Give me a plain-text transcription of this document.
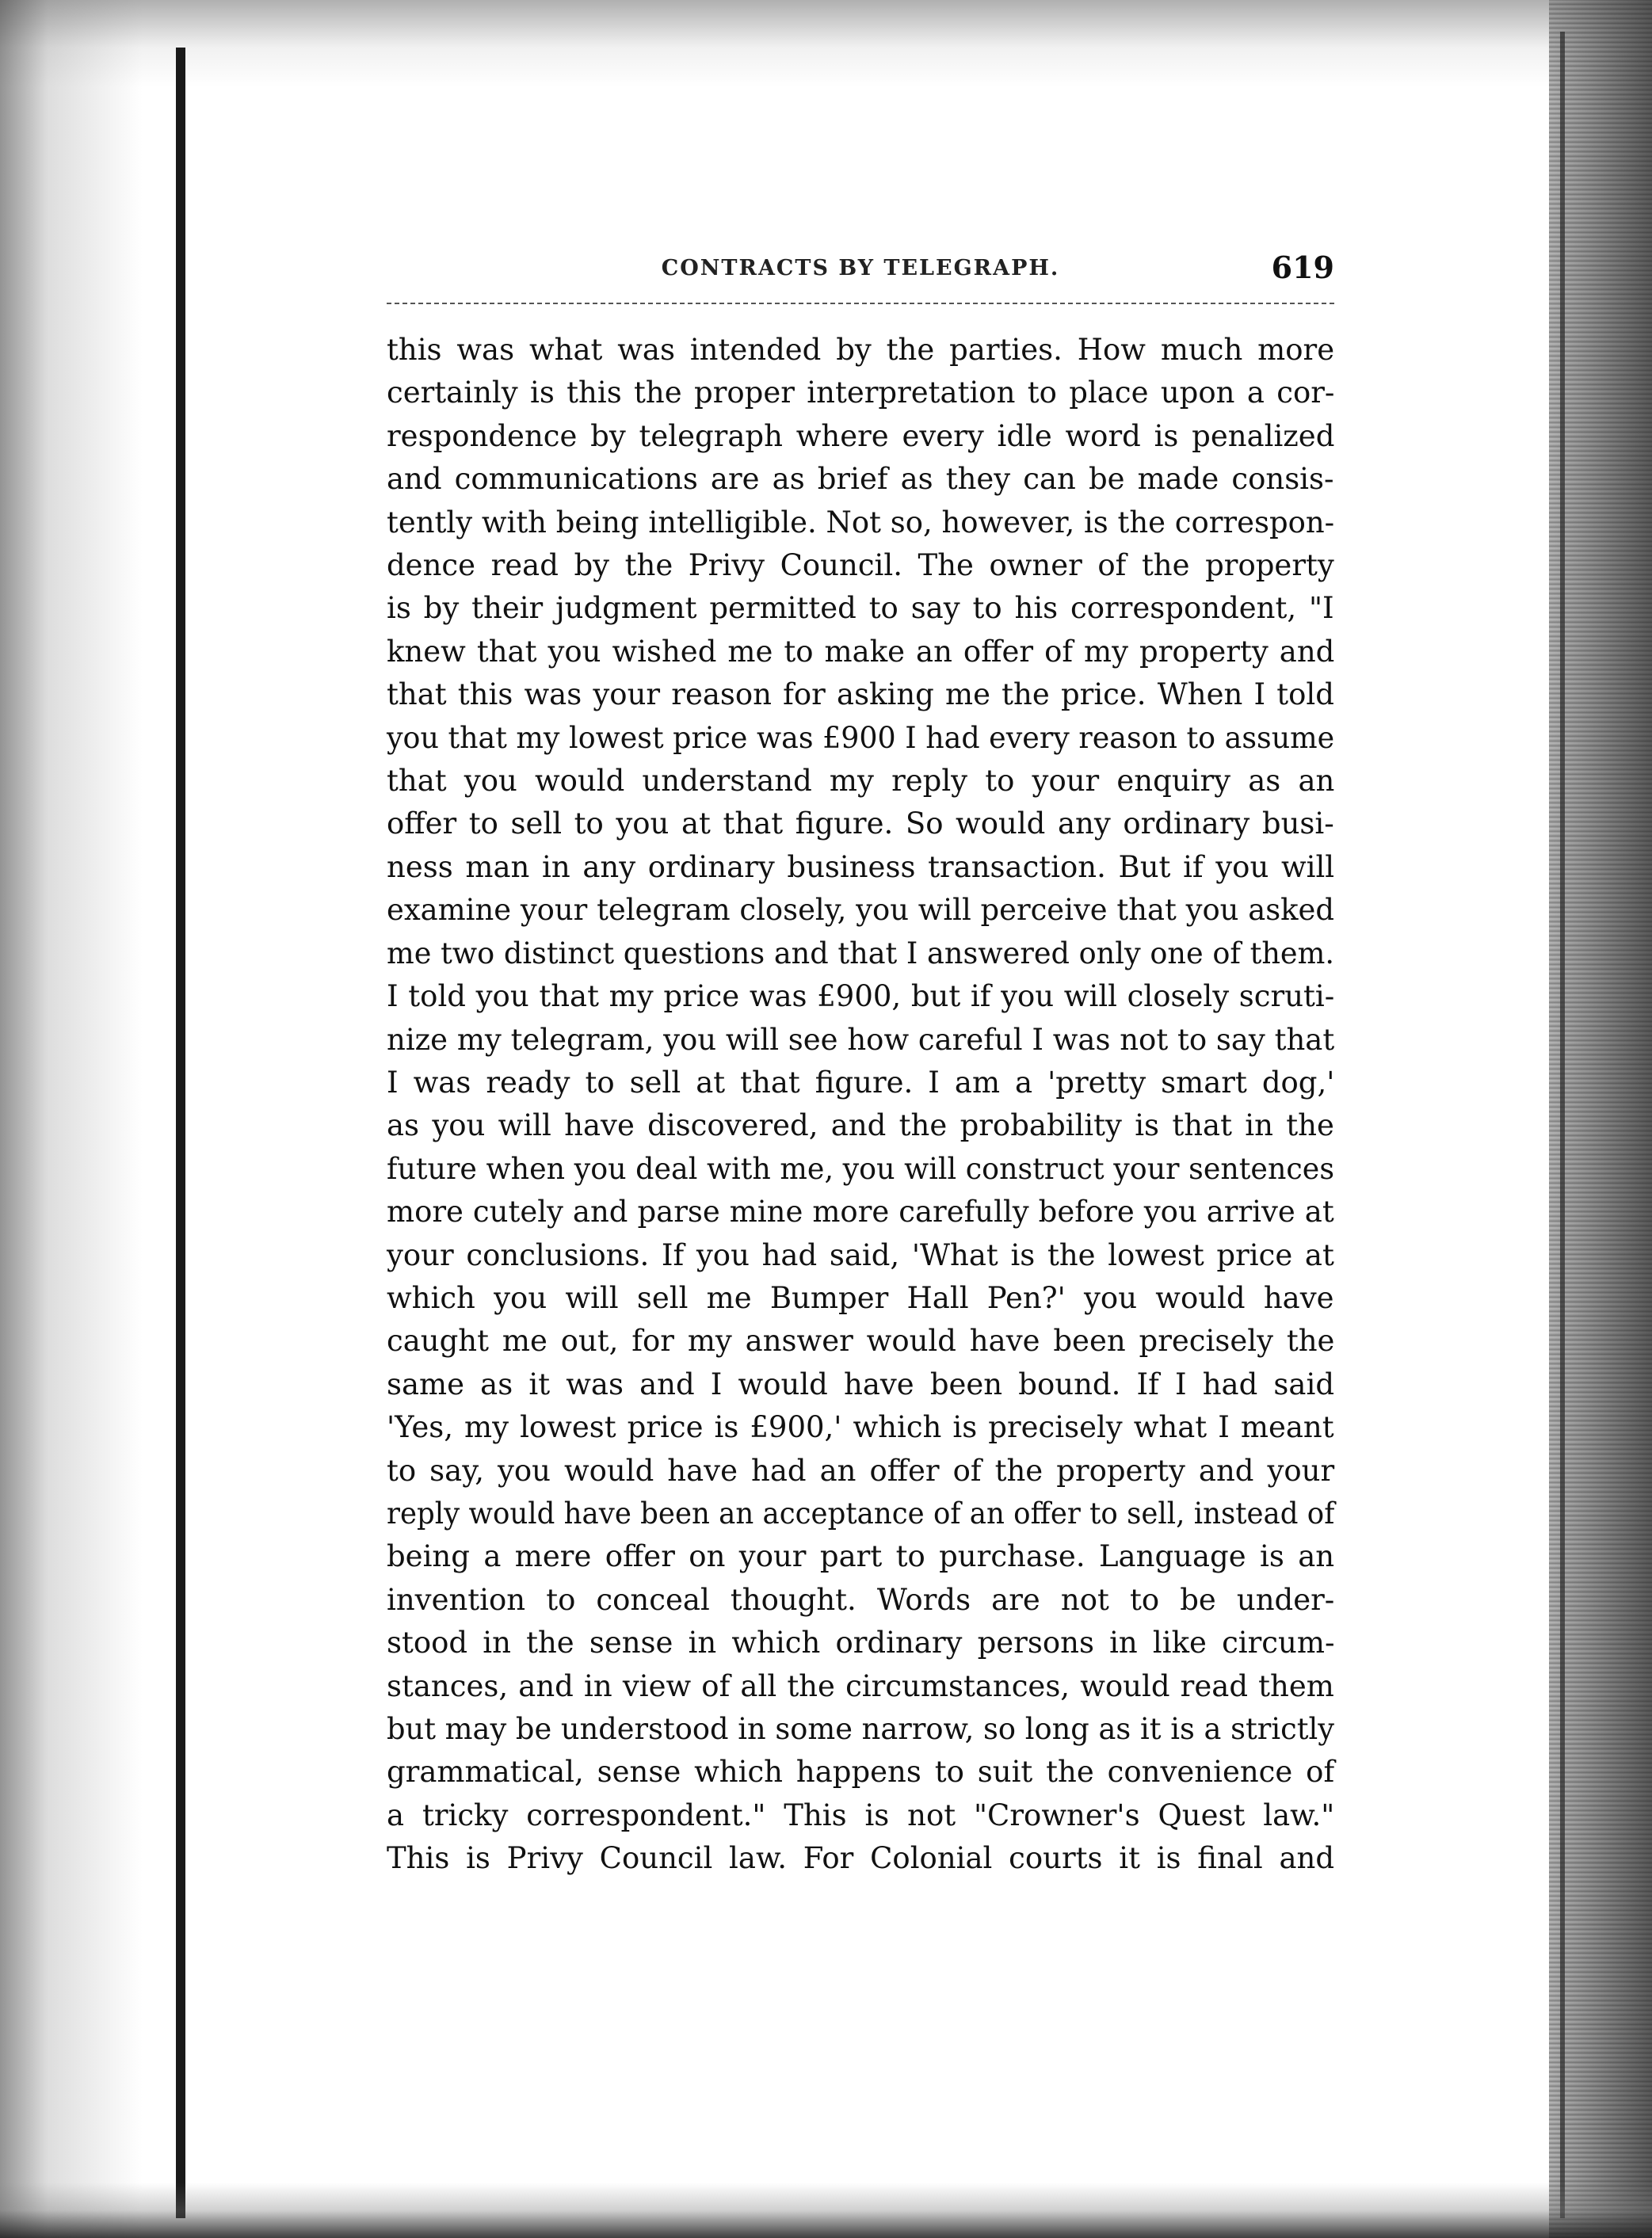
CONTRACTS BY TELEGRAPH.	619
this was what was intended by the parties. How much more
certainly is this the proper interpretation to place upon a cor-
respondence by telegraph where every idle word is penalized
and communications are as brief as they can be made consis-
tently with being intelligible. Not so, however, is the correspon-
dence read by the Privy Council. The owner of the property
is by their judgment permitted to say to his correspondent, "I
knew that you wished me to make an offer of my property and
that this was your reason for asking me the price. When I told
you that my lowest price was £900 I had every reason to assume
that you would understand my reply to your enquiry as an
offer to sell to you at that figure. So would any ordinary busi-
ness man in any ordinary business transaction. But if you will
examine your telegram closely, you will perceive that you asked
me two distinct questions and that I answered only one of them.
I told you that my price was £900, but if you will closely scruti-
nize my telegram, you will see how careful I was not to say that
I was ready to sell at that figure. I am a 'pretty smart dog,'
as you will have discovered, and the probability is that in the
future when you deal with me, you will construct your sentences
more cutely and parse mine more carefully before you arrive at
your conclusions. If you had said, 'What is the lowest price at
which you will sell me Bumper Hall Pen?' you would have
caught me out, for my answer would have been precisely the
same as it was and I would have been bound. If I had said
'Yes, my lowest price is £900,' which is precisely what I meant
to say, you would have had an offer of the property and your
reply would have been an acceptance of an offer to sell, instead of
being a mere offer on your part to purchase. Language is an
invention to conceal thought. Words are not to be under-
stood in the sense in which ordinary persons in like circum-
stances, and in view of all the circumstances, would read them
but may be understood in some narrow, so long as it is a strictly
grammatical, sense which happens to suit the convenience of
a tricky correspondent." This is not "Crowner's Quest law."
This is Privy Council law. For Colonial courts it is final and
